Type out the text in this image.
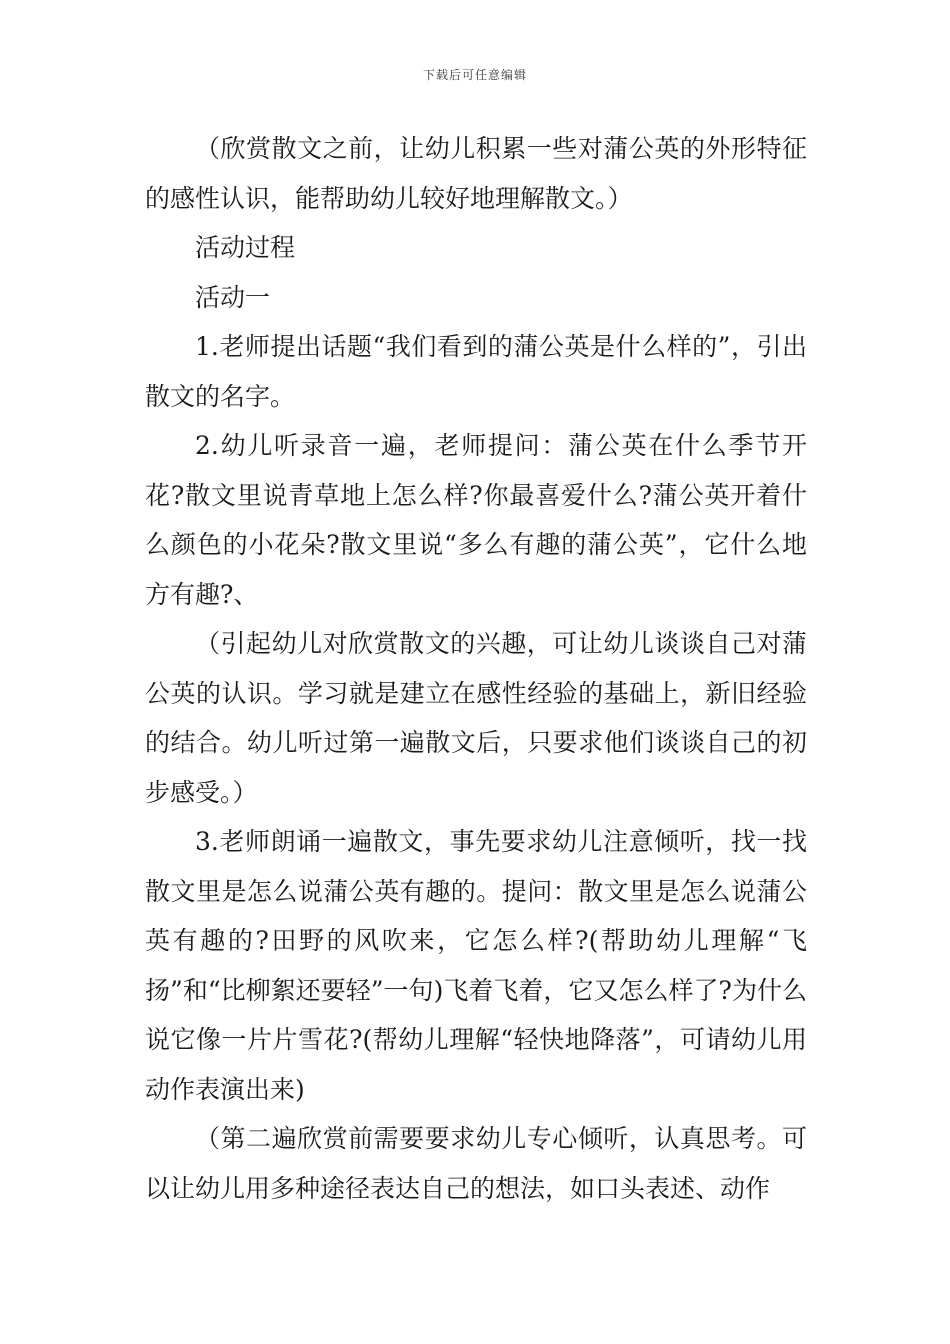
下载后可任意编辑

（欣赏散文之前，让幼儿积累一些对蒲公英的外形特征的感性认识，能帮助幼儿较好地理解散文。）

活动过程

活动一

1.老师提出话题“我们看到的蒲公英是什么样的”，引出散文的名字。

2.幼儿听录音一遍，老师提问：蒲公英在什么季节开花?散文里说青草地上怎么样?你最喜爱什么?蒲公英开着什么颜色的小花朵?散文里说“多么有趣的蒲公英”，它什么地方有趣?、

（引起幼儿对欣赏散文的兴趣，可让幼儿谈谈自己对蒲公英的认识。学习就是建立在感性经验的基础上，新旧经验的结合。幼儿听过第一遍散文后，只要求他们谈谈自己的初步感受。）

3.老师朗诵一遍散文，事先要求幼儿注意倾听，找一找散文里是怎么说蒲公英有趣的。提问：散文里是怎么说蒲公英有趣的?田野的风吹来，它怎么样?(帮助幼儿理解“飞扬”和“比柳絮还要轻”一句)飞着飞着，它又怎么样了?为什么说它像一片片雪花?(帮幼儿理解“轻快地降落”，可请幼儿用动作表演出来)

（第二遍欣赏前需要要求幼儿专心倾听，认真思考。可以让幼儿用多种途径表达自己的想法，如口头表述、动作
